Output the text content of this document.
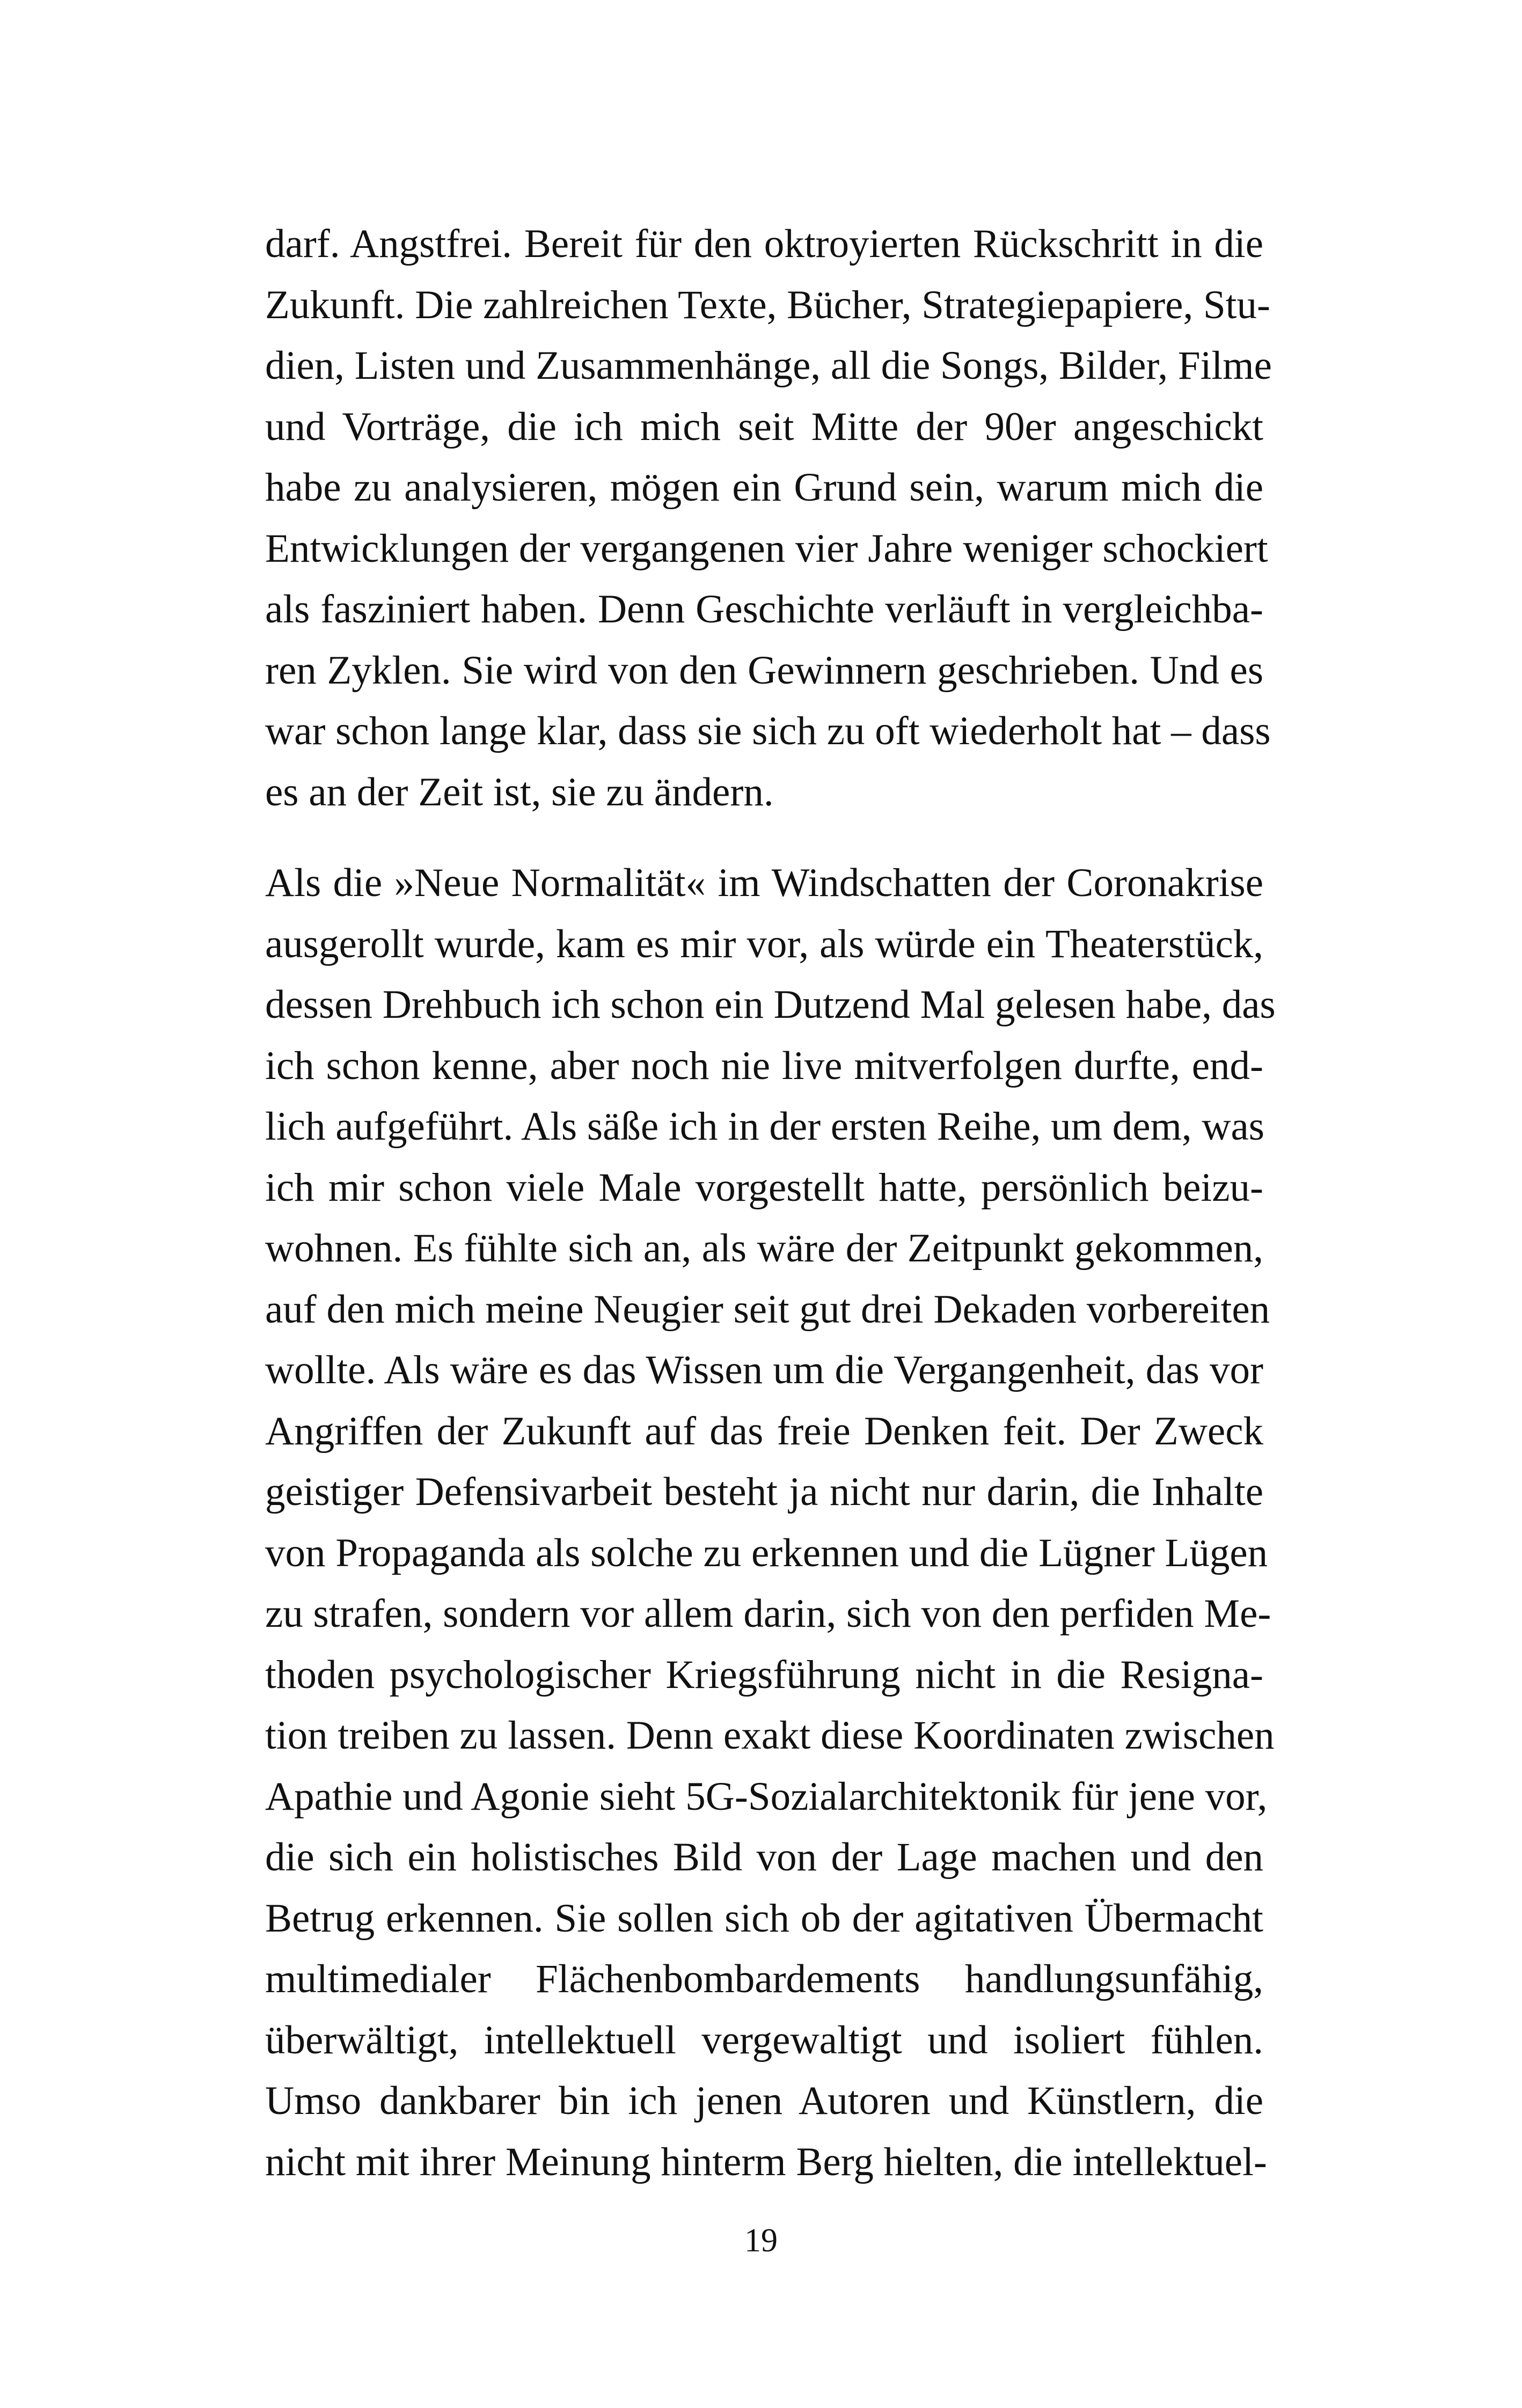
darf. Angstfrei. Bereit für den oktroyierten Rückschritt in die
Zukunft. Die zahlreichen Texte, Bücher, Strategiepapiere, Stu-
dien, Listen und Zusammenhänge, all die Songs, Bilder, Filme
und Vorträge, die ich mich seit Mitte der 90er angeschickt
habe zu analysieren, mögen ein Grund sein, warum mich die
Entwicklungen der vergangenen vier Jahre weniger schockiert
als fasziniert haben. Denn Geschichte verläuft in vergleichba-
ren Zyklen. Sie wird von den Gewinnern geschrieben. Und es
war schon lange klar, dass sie sich zu oft wiederholt hat – dass
es an der Zeit ist, sie zu ändern.
Als die »Neue Normalität« im Windschatten der Coronakrise
ausgerollt wurde, kam es mir vor, als würde ein Theaterstück,
dessen Drehbuch ich schon ein Dutzend Mal gelesen habe, das
ich schon kenne, aber noch nie live mitverfolgen durfte, end-
lich aufgeführt. Als säße ich in der ersten Reihe, um dem, was
ich mir schon viele Male vorgestellt hatte, persönlich beizu-
wohnen. Es fühlte sich an, als wäre der Zeitpunkt gekommen,
auf den mich meine Neugier seit gut drei Dekaden vorbereiten
wollte. Als wäre es das Wissen um die Vergangenheit, das vor
Angriffen der Zukunft auf das freie Denken feit. Der Zweck
geistiger Defensivarbeit besteht ja nicht nur darin, die Inhalte
von Propaganda als solche zu erkennen und die Lügner Lügen
zu strafen, sondern vor allem darin, sich von den perfiden Me-
thoden psychologischer Kriegsführung nicht in die Resigna-
tion treiben zu lassen. Denn exakt diese Koordinaten zwischen
Apathie und Agonie sieht 5G-Sozialarchitektonik für jene vor,
die sich ein holistisches Bild von der Lage machen und den
Betrug erkennen. Sie sollen sich ob der agitativen Übermacht
multimedialer Flächenbombardements handlungsunfähig,
überwältigt, intellektuell vergewaltigt und isoliert fühlen.
Umso dankbarer bin ich jenen Autoren und Künstlern, die
nicht mit ihrer Meinung hinterm Berg hielten, die intellektuel-
19
